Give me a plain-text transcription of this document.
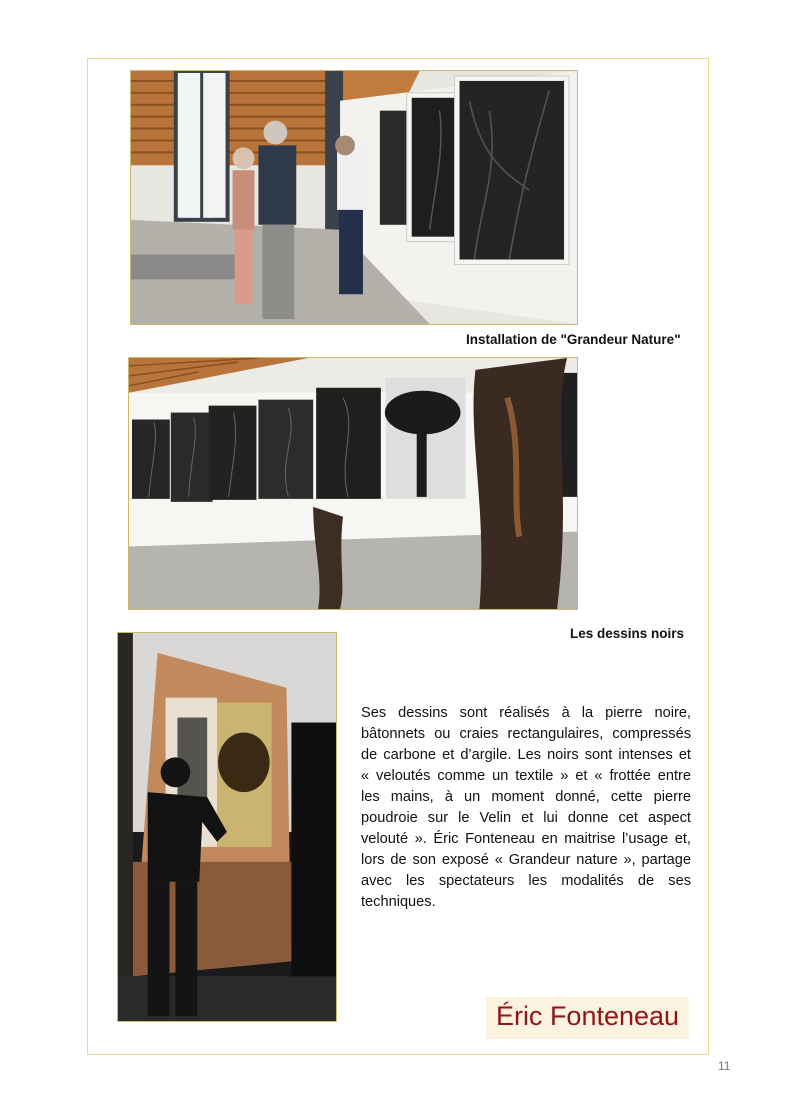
Installation de "Grandeur Nature"
Les dessins noirs
Ses dessins sont réalisés à la pierre noire,
bâtonnets ou craies rectangulaires, compressés
de carbone et d’argile. Les noirs sont intenses et
« veloutés comme un textile » et « frottée entre
les mains, à un moment donné, cette pierre
poudroie sur le Velin et lui donne cet aspect
velouté ». Éric Fonteneau en maitrise l’usage et,
lors de son exposé « Grandeur nature », partage
avec les spectateurs les modalités de ses
techniques.
Éric Fonteneau
11
